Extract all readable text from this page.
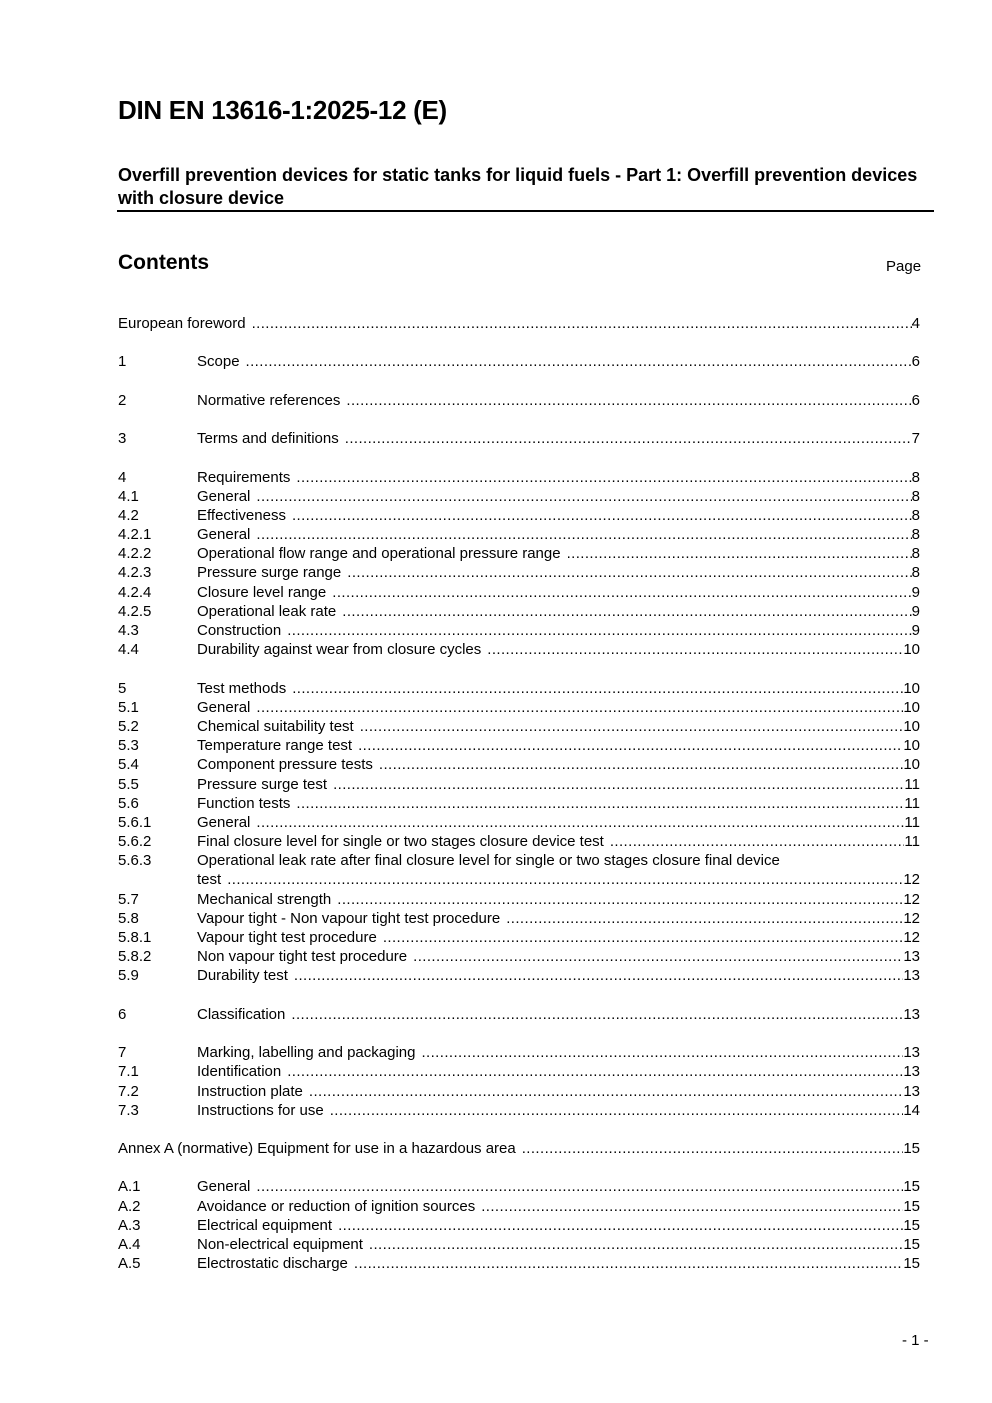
DIN EN 13616-1:2025-12 (E)
Overfill prevention devices for static tanks for liquid fuels - Part 1: Overfill prevention devices with closure device
Contents	Page
European foreword .....	4
1	Scope .....	6
2	Normative references .....	6
3	Terms and definitions .....	7
4	Requirements .....	8
4.1	General .....	8
4.2	Effectiveness .....	8
4.2.1	General .....	8
4.2.2	Operational flow range and operational pressure range .....	8
4.2.3	Pressure surge range .....	8
4.2.4	Closure level range .....	9
4.2.5	Operational leak rate .....	9
4.3	Construction .....	9
4.4	Durability against wear from closure cycles .....	10
5	Test methods .....	10
5.1	General .....	10
5.2	Chemical suitability test .....	10
5.3	Temperature range test .....	10
5.4	Component pressure tests .....	10
5.5	Pressure surge test .....	11
5.6	Function tests .....	11
5.6.1	General .....	11
5.6.2	Final closure level for single or two stages closure device test .....	11
5.6.3	Operational leak rate after final closure level for single or two stages closure final device
test .....	12
5.7	Mechanical strength .....	12
5.8	Vapour tight - Non vapour tight test procedure .....	12
5.8.1	Vapour tight test procedure .....	12
5.8.2	Non vapour tight test procedure .....	13
5.9	Durability test .....	13
6	Classification .....	13
7	Marking, labelling and packaging .....	13
7.1	Identification .....	13
7.2	Instruction plate .....	13
7.3	Instructions for use .....	14
Annex A (normative) Equipment for use in a hazardous area .....	15
A.1	General .....	15
A.2	Avoidance or reduction of ignition sources .....	15
A.3	Electrical equipment .....	15
A.4	Non-electrical equipment .....	15
A.5	Electrostatic discharge .....	15
- 1 -
